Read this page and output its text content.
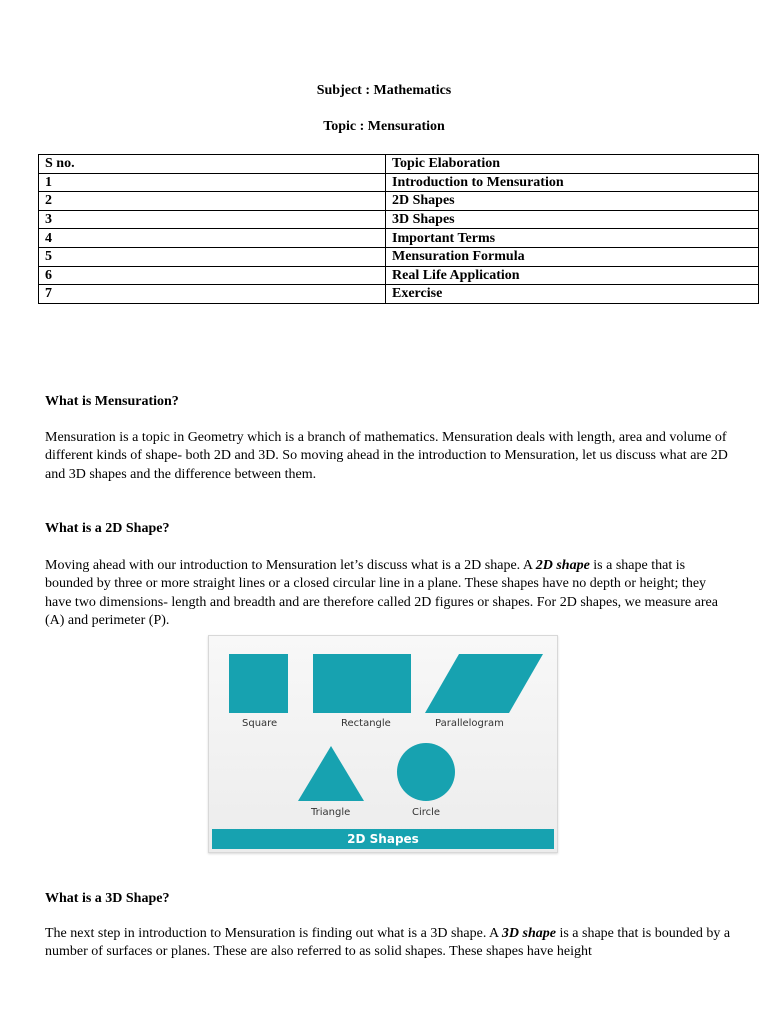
Subject : Mathematics
Topic : Mensuration
S no.	Topic Elaboration
1	Introduction to Mensuration
2	2D Shapes
3	3D Shapes
4	Important Terms
5	Mensuration Formula
6	Real Life Application
7	Exercise
What is Mensuration?

Mensuration is a topic in Geometry which is a branch of mathematics. Mensuration deals with length, area and volume of different kinds of shape- both 2D and 3D. So moving ahead in the introduction to Mensuration, let us discuss what are 2D and 3D shapes and the difference between them.

What is a 2D Shape?

Moving ahead with our introduction to Mensuration let’s discuss what is a 2D shape. A 2D shape is a shape that is bounded by three or more straight lines or a closed circular line in a plane. These shapes have no depth or height; they have two dimensions- length and breadth and are therefore called 2D figures or shapes. For 2D shapes, we measure area (A) and perimeter (P).

Square	Rectangle	Parallelogram
Triangle	Circle
2D Shapes
What is a 3D Shape?

The next step in introduction to Mensuration is finding out what is a 3D shape. A 3D shape is a shape that is bounded by a number of surfaces or planes. These are also referred to as solid shapes. These shapes have height
